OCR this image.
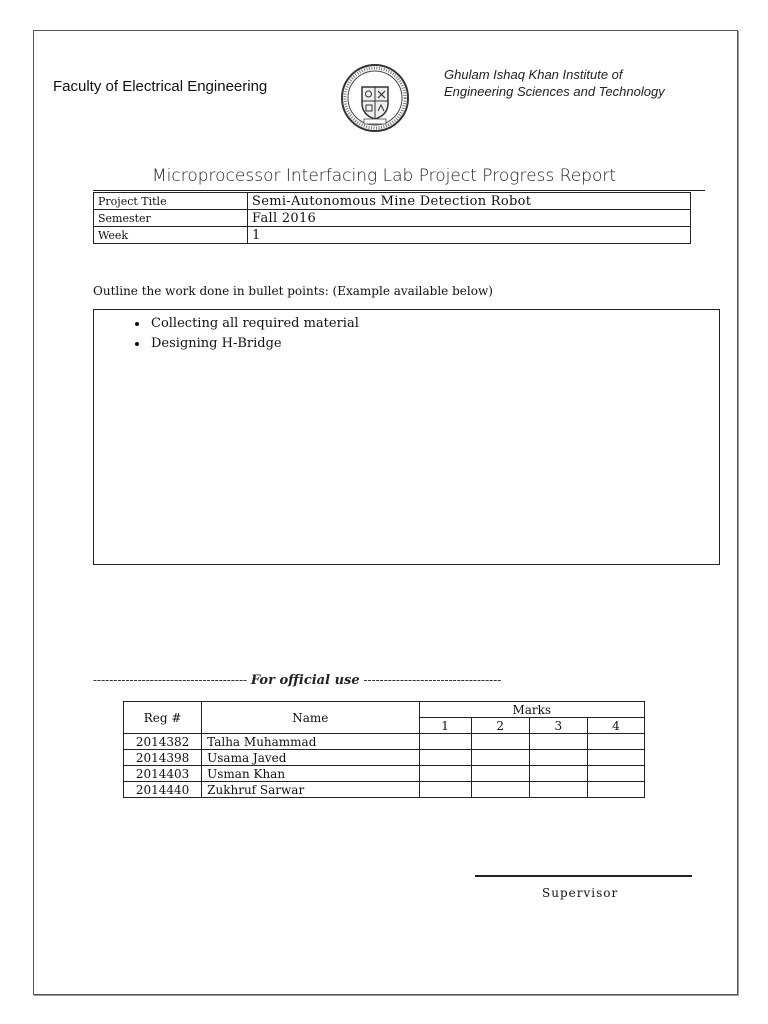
Faculty of Electrical Engineering
Ghulam Ishaq Khan Institute of
Engineering Sciences and Technology
Microprocessor Interfacing Lab Project Progress Report
Project Title	Semi-Autonomous Mine Detection Robot
Semester	Fall 2016
Week	1
Outline the work done in bullet points: (Example available below)
• Collecting all required material
• Designing H-Bridge
-------------------------------------- For official use ----------------------------------
Reg #	Name	Marks			
		1	2	3	4
2014382	Talha Muhammad				
2014398	Usama Javed				
2014403	Usman Khan				
2014440	Zukhruf Sarwar				
Supervisor
